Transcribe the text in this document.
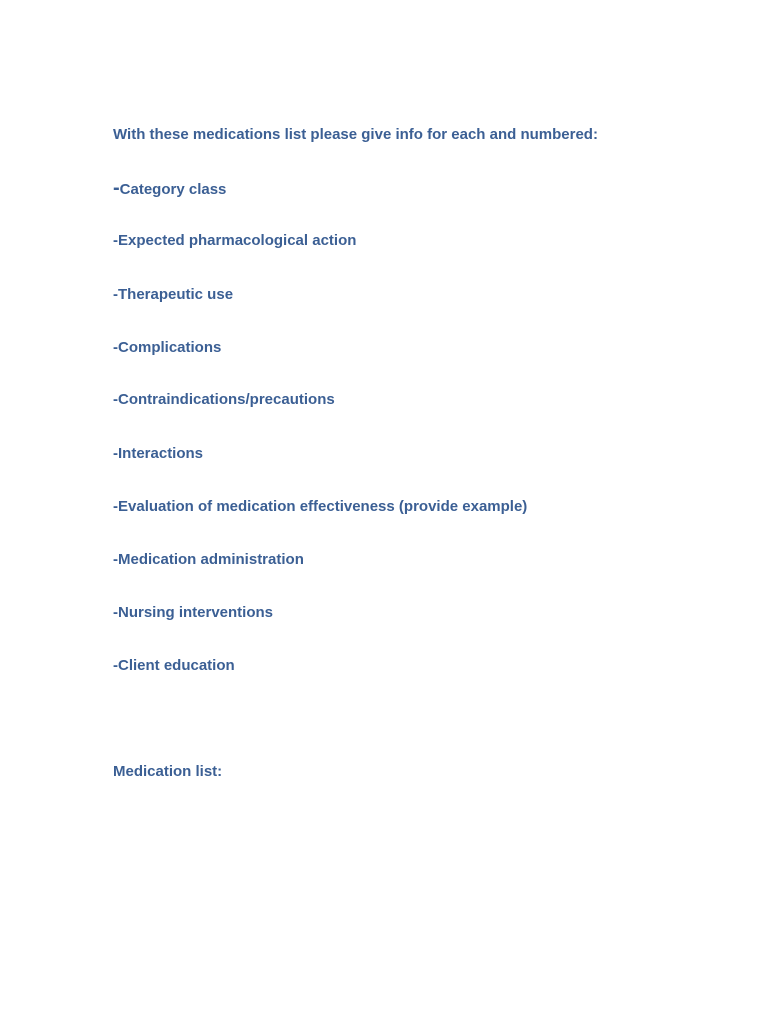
With these medications list please give info for each and numbered:

-Category class

-Expected pharmacological action

-Therapeutic use

-Complications

-Contraindications/precautions

-Interactions

-Evaluation of medication effectiveness (provide example)

-Medication administration

-Nursing interventions

-Client education

Medication list:
